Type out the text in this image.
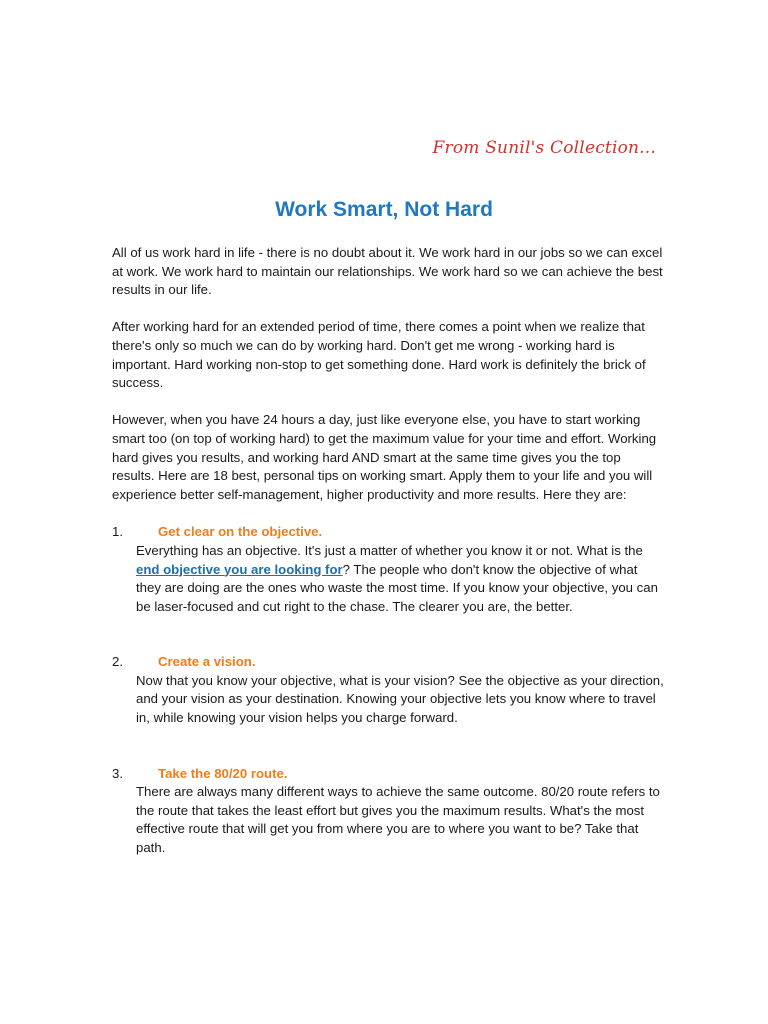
From Sunil's Collection...
Work Smart, Not Hard

All of us work hard in life - there is no doubt about it. We work hard in our jobs so we can excel at work. We work hard to maintain our relationships. We work hard so we can achieve the best results in our life.

After working hard for an extended period of time, there comes a point when we realize that there's only so much we can do by working hard. Don't get me wrong - working hard is important. Hard working non-stop to get something done. Hard work is definitely the brick of success.

However, when you have 24 hours a day, just like everyone else, you have to start working smart too (on top of working hard) to get the maximum value for your time and effort. Working hard gives you results, and working hard AND smart at the same time gives you the top results. Here are 18 best, personal tips on working smart. Apply them to your life and you will experience better self-management, higher productivity and more results. Here they are:

1.	Get clear on the objective.
Everything has an objective. It's just a matter of whether you know it or not. What is the end objective you are looking for? The people who don't know the objective of what they are doing are the ones who waste the most time. If you know your objective, you can be laser-focused and cut right to the chase. The clearer you are, the better.
2.	Create a vision.
Now that you know your objective, what is your vision? See the objective as your direction, and your vision as your destination. Knowing your objective lets you know where to travel in, while knowing your vision helps you charge forward.
3.	Take the 80/20 route.
There are always many different ways to achieve the same outcome. 80/20 route refers to the route that takes the least effort but gives you the maximum results. What's the most effective route that will get you from where you are to where you want to be? Take that path.
